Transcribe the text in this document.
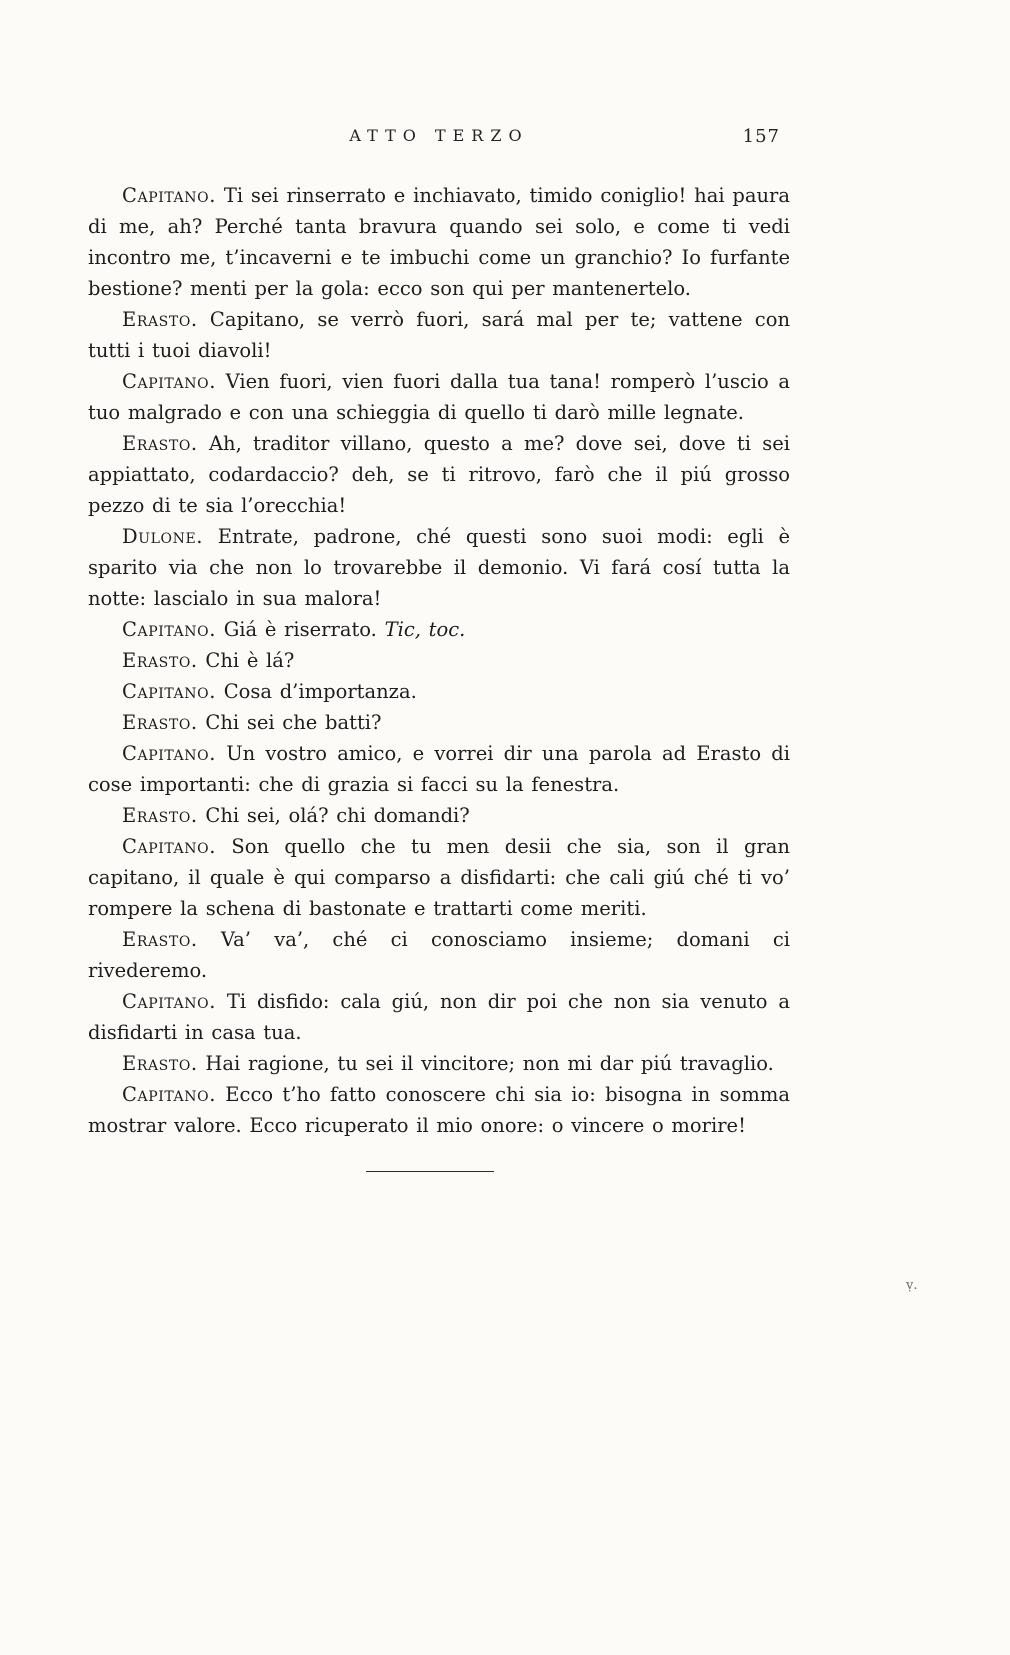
ATTO TERZO	157

Capitano. Ti sei rinserrato e inchiavato, timido coniglio! hai paura di me, ah? Perché tanta bravura quando sei solo, e come ti vedi incontro me, t’incaverni e te imbuchi come un granchio? Io furfante bestione? menti per la gola: ecco son qui per mantenertelo.

Erasto. Capitano, se verrò fuori, sará mal per te; vattene con tutti i tuoi diavoli!

Capitano. Vien fuori, vien fuori dalla tua tana! romperò l’uscio a tuo malgrado e con una schieggia di quello ti darò mille legnate.

Erasto. Ah, traditor villano, questo a me? dove sei, dove ti sei appiattato, codardaccio? deh, se ti ritrovo, farò che il piú grosso pezzo di te sia l’orecchia!

Dulone. Entrate, padrone, ché questi sono suoi modi: egli è sparito via che non lo trovarebbe il demonio. Vi fará cosí tutta la notte: lascialo in sua malora!

Capitano. Giá è riserrato. Tic, toc.

Erasto. Chi è lá?

Capitano. Cosa d’importanza.

Erasto. Chi sei che batti?

Capitano. Un vostro amico, e vorrei dir una parola ad Erasto di cose importanti: che di grazia si facci su la fenestra.

Erasto. Chi sei, olá? chi domandi?

Capitano. Son quello che tu men desii che sia, son il gran capitano, il quale è qui comparso a disfidarti: che cali giú ché ti vo’ rompere la schena di bastonate e trattarti come meriti.

Erasto. Va’ va’, ché ci conosciamo insieme; domani ci rivederemo.

Capitano. Ti disfido: cala giú, non dir poi che non sia venuto a disfidarti in casa tua.

Erasto. Hai ragione, tu sei il vincitore; non mi dar piú travaglio.

Capitano. Ecco t’ho fatto conoscere chi sia io: bisogna in somma mostrar valore. Ecco ricuperato il mio onore: o vincere o morire!

ṿ.
